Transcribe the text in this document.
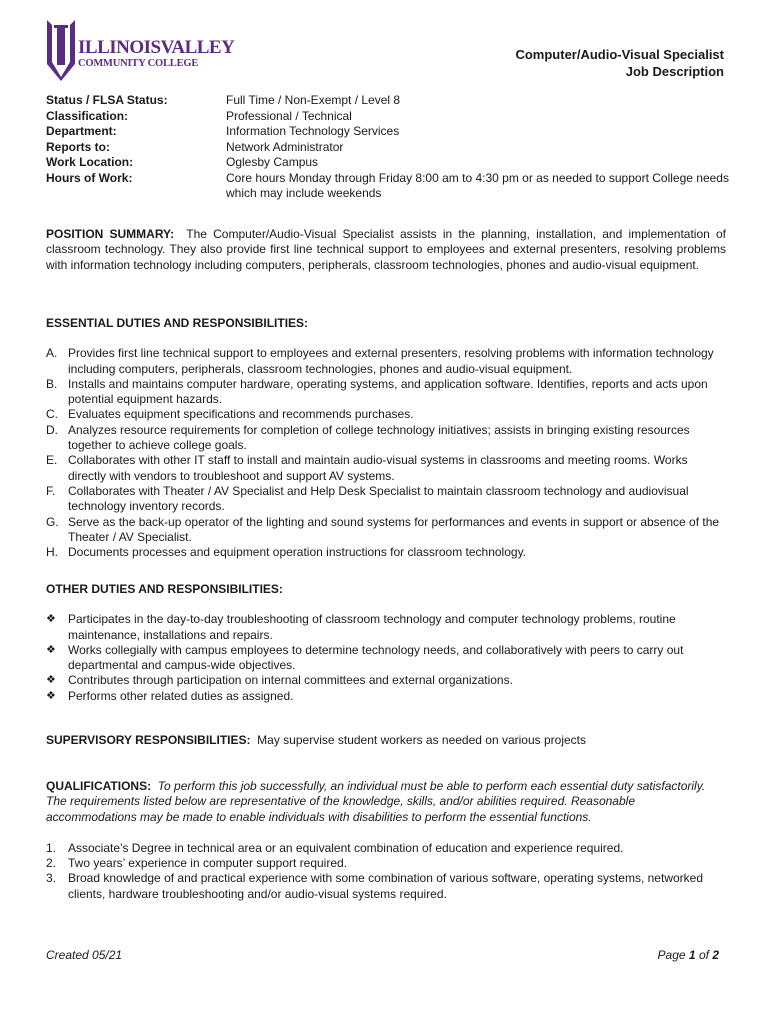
ILLINOISVALLEY
COMMUNITY COLLEGE
Computer/Audio-Visual Specialist
Job Description
Status / FLSA Status:	Full Time / Non-Exempt / Level 8
Classification:	Professional / Technical
Department:	Information Technology Services
Reports to:	Network Administrator
Work Location:	Oglesby Campus
Hours of Work:	Core hours Monday through Friday 8:00 am to 4:30 pm or as needed to support College needs which may include weekends
POSITION SUMMARY: The Computer/Audio-Visual Specialist assists in the planning, installation, and implementation of classroom technology. They also provide first line technical support to employees and external presenters, resolving problems with information technology including computers, peripherals, classroom technologies, phones and audio-visual equipment.
ESSENTIAL DUTIES AND RESPONSIBILITIES:
A. Provides first line technical support to employees and external presenters, resolving problems with information technology including computers, peripherals, classroom technologies, phones and audio-visual equipment.
B. Installs and maintains computer hardware, operating systems, and application software. Identifies, reports and acts upon potential equipment hazards.
C. Evaluates equipment specifications and recommends purchases.
D. Analyzes resource requirements for completion of college technology initiatives; assists in bringing existing resources together to achieve college goals.
E. Collaborates with other IT staff to install and maintain audio-visual systems in classrooms and meeting rooms. Works directly with vendors to troubleshoot and support AV systems.
F.	Collaborates with Theater / AV Specialist and Help Desk Specialist to maintain classroom technology and audiovisual technology inventory records.
G. Serve as the back-up operator of the lighting and sound systems for performances and events in support or absence of the Theater / AV Specialist.
H. Documents processes and equipment operation instructions for classroom technology.
OTHER DUTIES AND RESPONSIBILITIES:
❖	Participates in the day-to-day troubleshooting of classroom technology and computer technology problems, routine maintenance, installations and repairs.
❖	Works collegially with campus employees to determine technology needs, and collaboratively with peers to carry out departmental and campus-wide objectives.
❖	Contributes through participation on internal committees and external organizations.
❖	Performs other related duties as assigned.
SUPERVISORY RESPONSIBILITIES: May supervise student workers as needed on various projects
QUALIFICATIONS: To perform this job successfully, an individual must be able to perform each essential duty satisfactorily. The requirements listed below are representative of the knowledge, skills, and/or abilities required. Reasonable accommodations may be made to enable individuals with disabilities to perform the essential functions.
1. Associate’s Degree in technical area or an equivalent combination of education and experience required.
2. Two years’ experience in computer support required.
3. Broad knowledge of and practical experience with some combination of various software, operating systems, networked clients, hardware troubleshooting and/or audio-visual systems required.
Created 05/21	Page 1 of 2
